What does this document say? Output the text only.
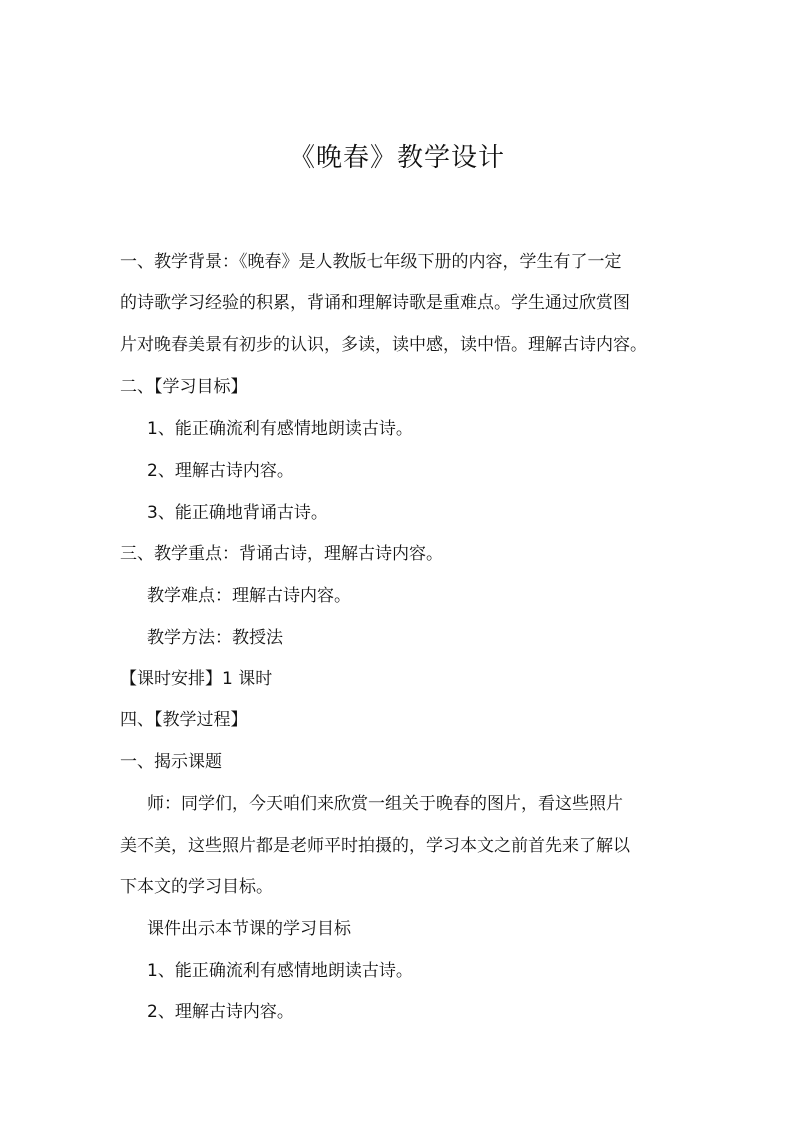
《晚春》教学设计
一、教学背景：《晚春》是人教版七年级下册的内容，学生有了一定
的诗歌学习经验的积累，背诵和理解诗歌是重难点。学生通过欣赏图
片对晚春美景有初步的认识，多读，读中感，读中悟。理解古诗内容。
二、【学习目标】
1、能正确流利有感情地朗读古诗。
2、理解古诗内容。
3、能正确地背诵古诗。
三、教学重点：背诵古诗，理解古诗内容。
教学难点：理解古诗内容。
教学方法：教授法
【课时安排】1 课时
四、【教学过程】
一、揭示课题
师：同学们，今天咱们来欣赏一组关于晚春的图片，看这些照片
美不美，这些照片都是老师平时拍摄的，学习本文之前首先来了解以
下本文的学习目标。
课件出示本节课的学习目标
1、能正确流利有感情地朗读古诗。
2、理解古诗内容。
